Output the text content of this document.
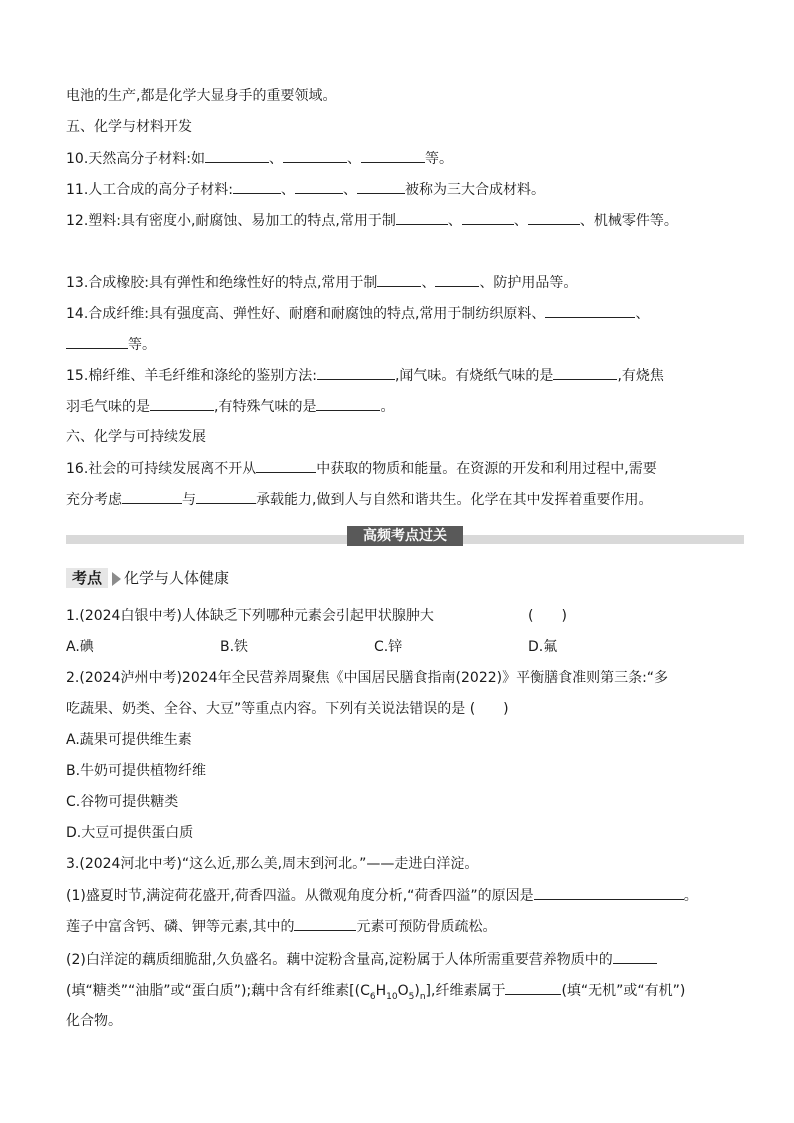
电池的生产,都是化学大显身手的重要领域。
五、化学与材料开发
10.天然高分子材料:如	、	、	等。
11.人工合成的高分子材料:	、	、	被称为三大合成材料。
12.塑料:具有密度小,耐腐蚀、易加工的特点,常用于制	、	、	、机械零件等。
13.合成橡胶:具有弹性和绝缘性好的特点,常用于制	、	、防护用品等。
14.合成纤维:具有强度高、弹性好、耐磨和耐腐蚀的特点,常用于制纺织原料、	、
等。
15.棉纤维、羊毛纤维和涤纶的鉴别方法:	,闻气味。有烧纸气味的是	,有烧焦
羽毛气味的是	,有特殊气味的是	。
六、化学与可持续发展
16.社会的可持续发展离不开从	中获取的物质和能量。在资源的开发和利用过程中,需要
充分考虑	与	承载能力,做到人与自然和谐共生。化学在其中发挥着重要作用。
高频考点过关
考点 化学与人体健康
1.(2024白银中考)人体缺乏下列哪种元素会引起甲状腺肿大	(　　)
A.碘	B.铁	C.锌	D.氟
2.(2024泸州中考)2024年全民营养周聚焦《中国居民膳食指南(2022)》平衡膳食准则第三条:“多
吃蔬果、奶类、全谷、大豆”等重点内容。下列有关说法错误的是 (　　)
A.蔬果可提供维生素
B.牛奶可提供植物纤维
C.谷物可提供糖类
D.大豆可提供蛋白质
3.(2024河北中考)“这么近,那么美,周末到河北。”——走进白洋淀。
(1)盛夏时节,满淀荷花盛开,荷香四溢。从微观角度分析,“荷香四溢”的原因是	。
莲子中富含钙、磷、钾等元素,其中的	元素可预防骨质疏松。
(2)白洋淀的藕质细脆甜,久负盛名。藕中淀粉含量高,淀粉属于人体所需重要营养物质中的
(填“糖类”“油脂”或“蛋白质”);藕中含有纤维素$[(C_6H_{10}O_5)_n]$,纤维素属于	(填“无机”或“有机”)
化合物。
